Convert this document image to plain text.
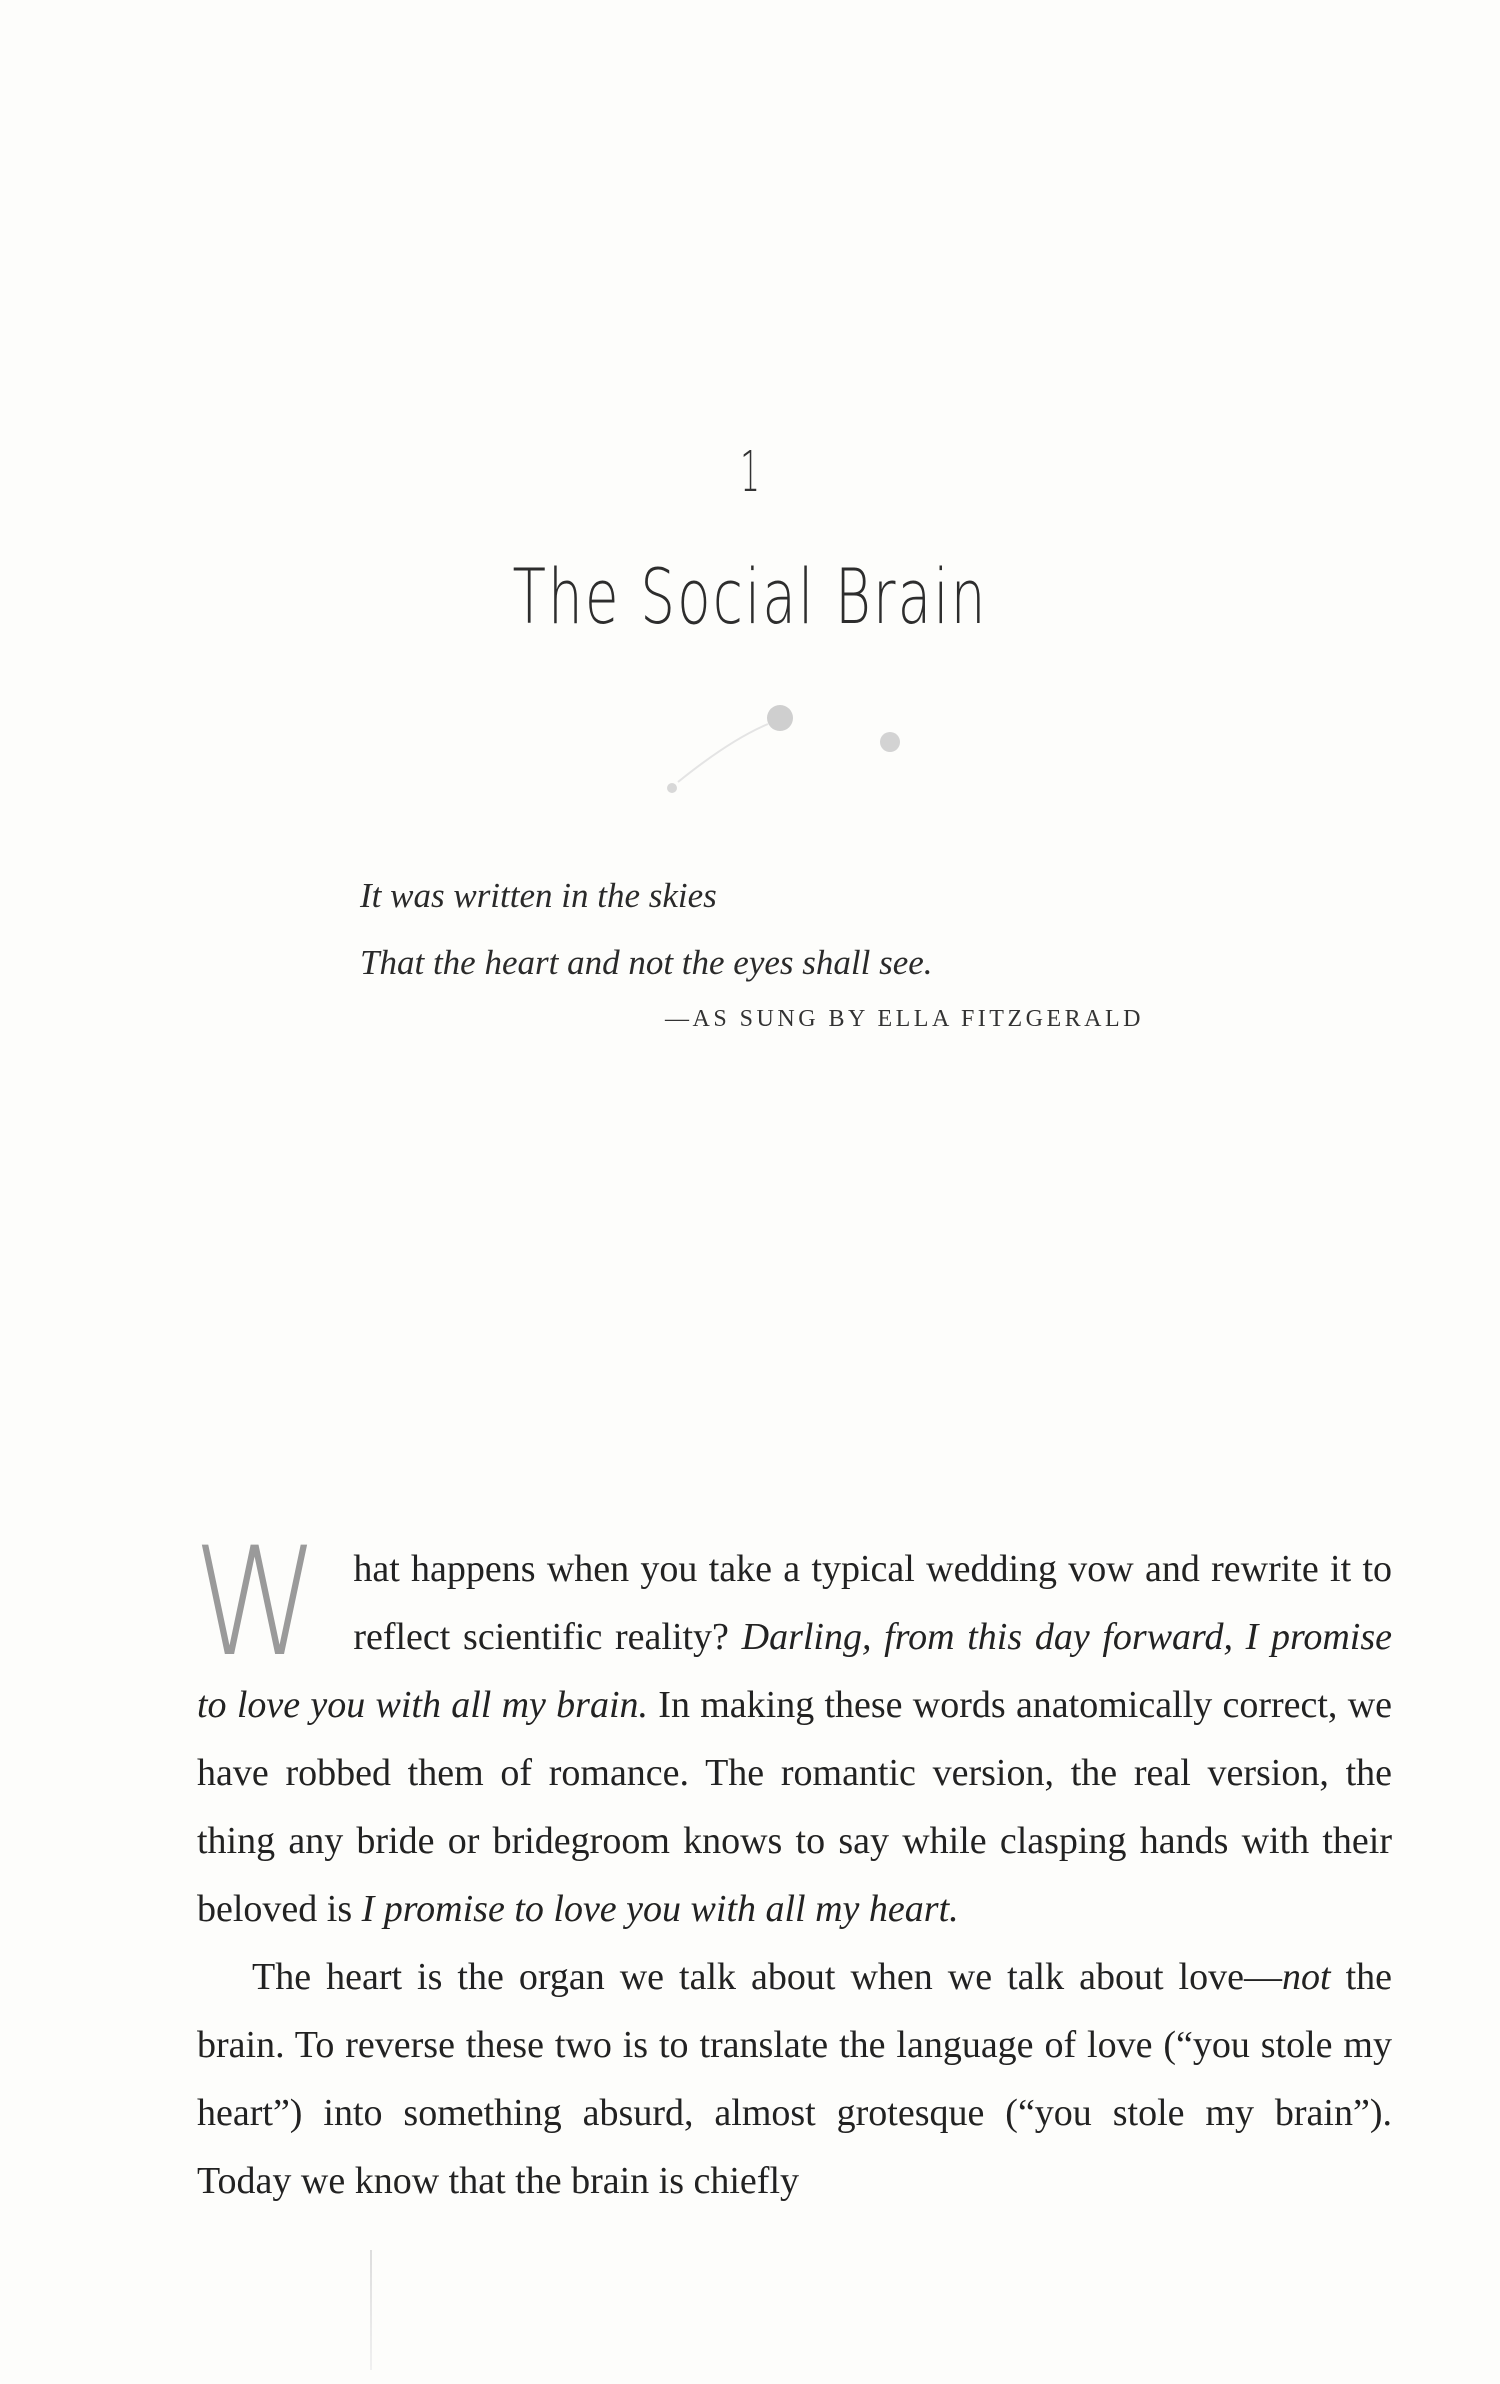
1
The Social Brain
It was written in the skies
That the heart and not the eyes shall see.
—AS SUNG BY ELLA FITZGERALD

What happens when you take a typical wedding vow and rewrite it to reflect scientific reality? Darling, from this day forward, I promise to love you with all my brain. In making these words anatomically correct, we have robbed them of romance. The romantic version, the real version, the thing any bride or bridegroom knows to say while clasping hands with their beloved is I promise to love you with all my heart.

The heart is the organ we talk about when we talk about love—not the brain. To reverse these two is to translate the language of love (“you stole my heart”) into something absurd, almost grotesque (“you stole my brain”). Today we know that the brain is chiefly
